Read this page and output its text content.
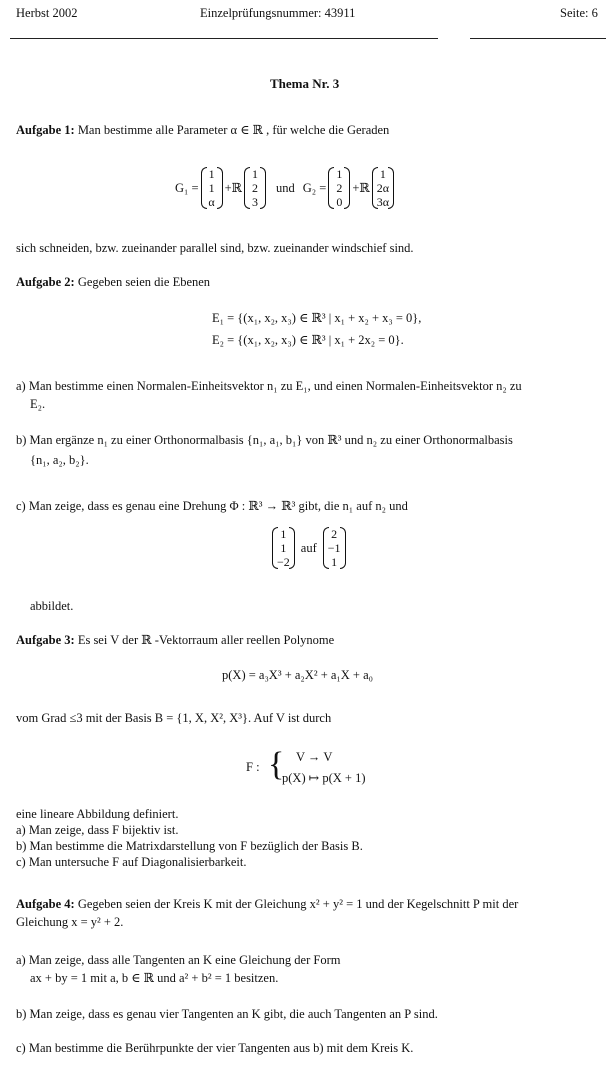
Herbst 2002	Einzelprüfungsnummer: 43911	Seite: 6
Thema Nr. 3
Aufgabe 1: Man bestimme alle Parameter α ∈ ℝ , für welche die Geraden
G₁ =
1
1
α
+ℝ
1
2
3
und G₂ =
1
2
0
+ℝ
1
2α
3α
sich schneiden, bzw. zueinander parallel sind, bzw. zueinander windschief sind.
Aufgabe 2: Gegeben seien die Ebenen
E₁ = {(x₁, x₂, x₃) ∈ ℝ³ | x₁ + x₂ + x₃ = 0},
E₂ = {(x₁, x₂, x₃) ∈ ℝ³ | x₁ + 2x₂ = 0}.
a) Man bestimme einen Normalen-Einheitsvektor n₁ zu E₁, und einen Normalen-Einheitsvektor n₂ zu
E₂.
b) Man ergänze n₁ zu einer Orthonormalbasis {n₁, a₁, b₁} von ℝ³ und n₂ zu einer Orthonormalbasis
{n₁, a₂, b₂}.
c) Man zeige, dass es genau eine Drehung Φ : ℝ³ → ℝ³ gibt, die n₁ auf n₂ und
1
1
−2
auf
2
−1
1
abbildet.
Aufgabe 3: Es sei V der ℝ -Vektorraum aller reellen Polynome
p(X) = a₃X³ + a₂X² + a₁X + a₀
vom Grad ≤3 mit der Basis B = {1, X, X², X³}. Auf V ist durch
F : { V → V
p(X) ↦ p(X + 1)
eine lineare Abbildung definiert.
a) Man zeige, dass F bijektiv ist.
b) Man bestimme die Matrixdarstellung von F bezüglich der Basis B.
c) Man untersuche F auf Diagonalisierbarkeit.
Aufgabe 4: Gegeben seien der Kreis K mit der Gleichung x² + y² = 1 und der Kegelschnitt P mit der
Gleichung x = y² + 2.
a) Man zeige, dass alle Tangenten an K eine Gleichung der Form
ax + by = 1 mit a, b ∈ ℝ und a² + b² = 1 besitzen.
b) Man zeige, dass es genau vier Tangenten an K gibt, die auch Tangenten an P sind.
c) Man bestimme die Berührpunkte der vier Tangenten aus b) mit dem Kreis K.
